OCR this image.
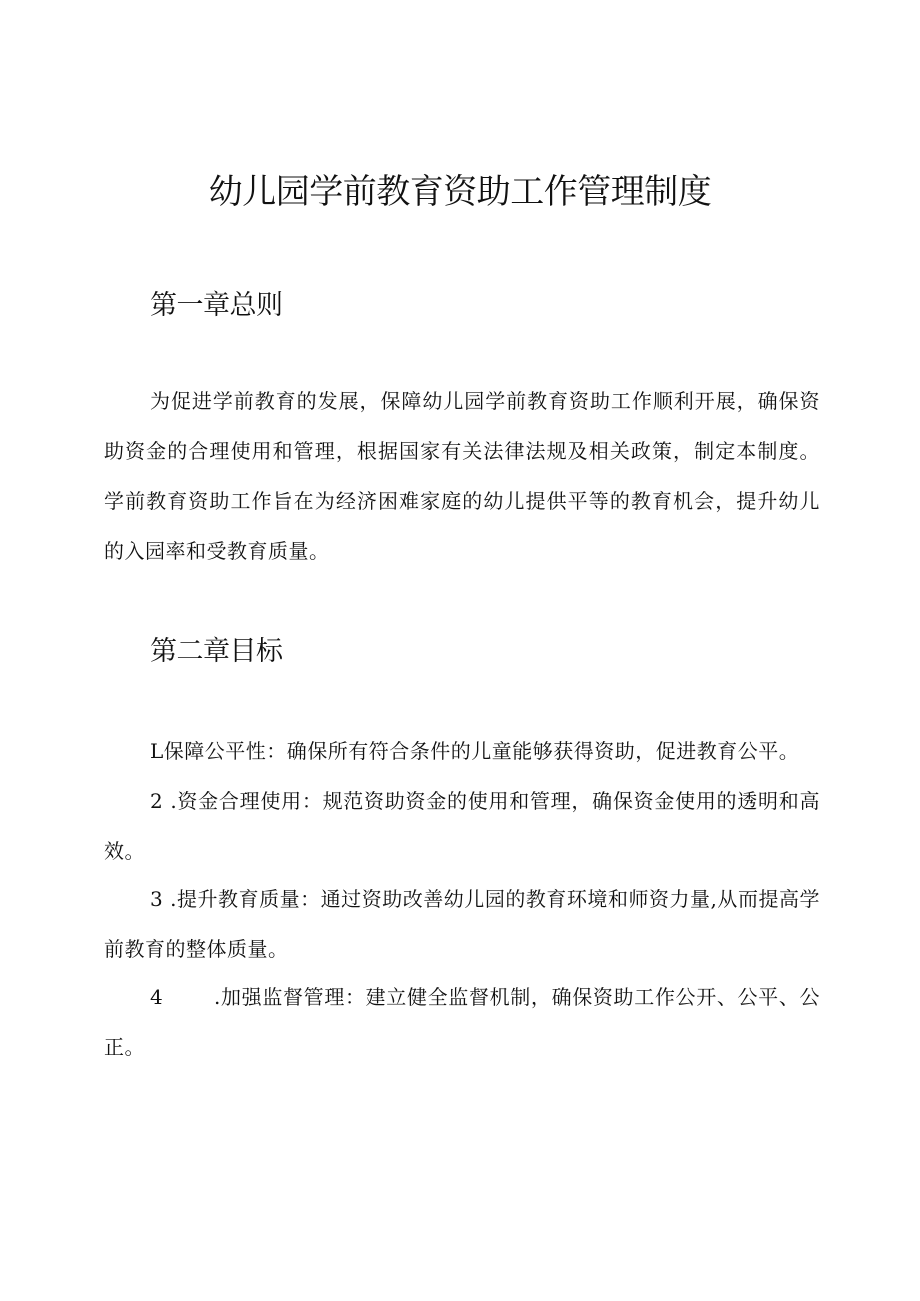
幼儿园学前教育资助工作管理制度
第一章总则

为促进学前教育的发展，保障幼儿园学前教育资助工作顺利开展，确保资助资金的合理使用和管理，根据国家有关法律法规及相关政策，制定本制度。学前教育资助工作旨在为经济困难家庭的幼儿提供平等的教育机会，提升幼儿的入园率和受教育质量。

第二章目标

L保障公平性：确保所有符合条件的儿童能够获得资助，促进教育公平。

2 .资金合理使用：规范资助资金的使用和管理，确保资金使用的透明和高效。

3 .提升教育质量：通过资助改善幼儿园的教育环境和师资力量,从而提高学前教育的整体质量。

4	.加强监督管理：建立健全监督机制，确保资助工作公开、公平、公正。
